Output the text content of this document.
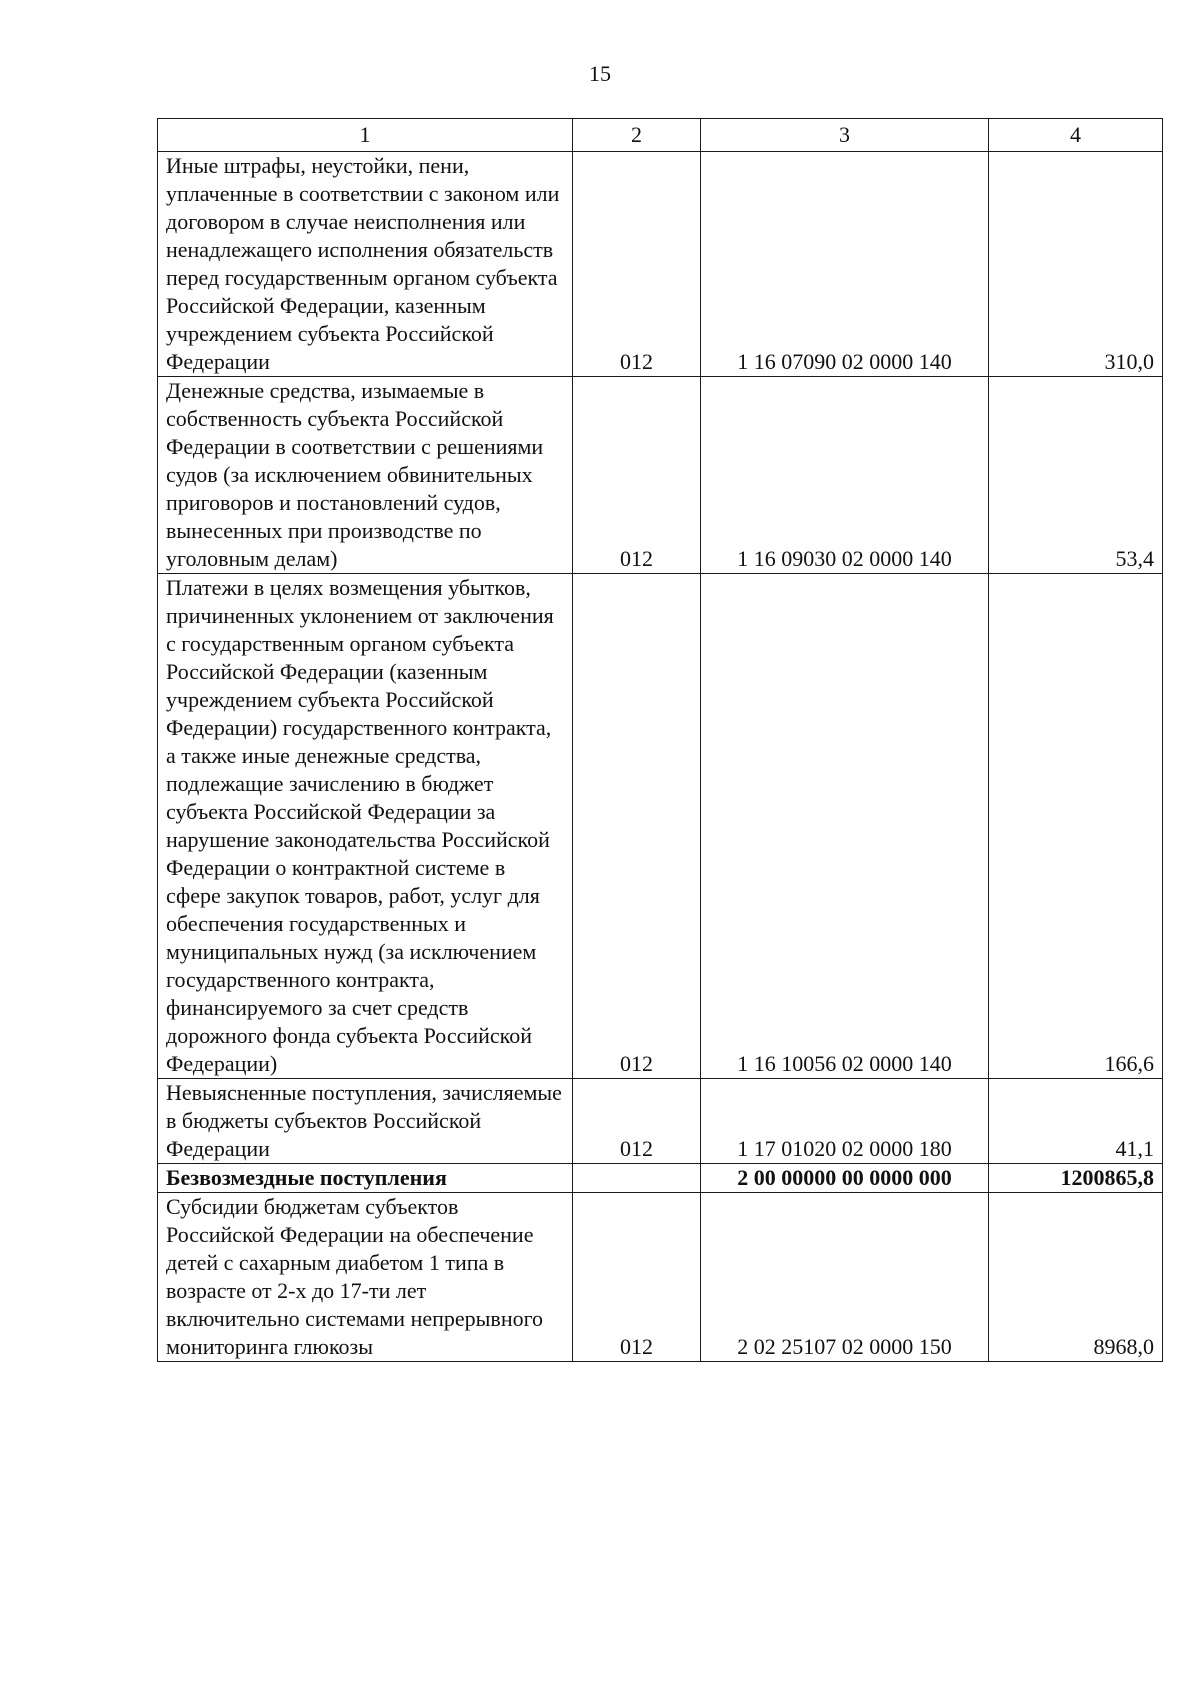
15
1	2	3	4
Иные штрафы, неустойки, пени, уплаченные в соответствии с законом или договором в случае неисполнения или ненадлежащего исполнения обязательств перед государственным органом субъекта Российской Федерации, казенным учреждением субъекта Российской Федерации	012	1 16 07090 02 0000 140	310,0
Денежные средства, изымаемые в собственность субъекта Российской Федерации в соответствии с решениями судов (за исключением обвинительных приговоров и постановлений судов, вынесенных при производстве по уголовным делам)	012	1 16 09030 02 0000 140	53,4
Платежи в целях возмещения убытков, причиненных уклонением от заключения с государственным органом субъекта Российской Федерации (казенным учреждением субъекта Российской Федерации) государственного контракта, а также иные денежные средства, подлежащие зачислению в бюджет субъекта Российской Федерации за нарушение законодательства Российской Федерации о контрактной системе в сфере закупок товаров, работ, услуг для обеспечения государственных и муниципальных нужд (за исключением государственного контракта, финансируемого за счет средств дорожного фонда субъекта Российской Федерации)	012	1 16 10056 02 0000 140	166,6
Невыясненные поступления, зачисляемые в бюджеты субъектов Российской Федерации	012	1 17 01020 02 0000 180	41,1
Безвозмездные поступления		2 00 00000 00 0000 000	1200865,8
Субсидии бюджетам субъектов Российской Федерации на обеспечение детей с сахарным диабетом 1 типа в возрасте от 2-х до 17-ти лет включительно системами непрерывного мониторинга глюкозы	012	2 02 25107 02 0000 150	8968,0
